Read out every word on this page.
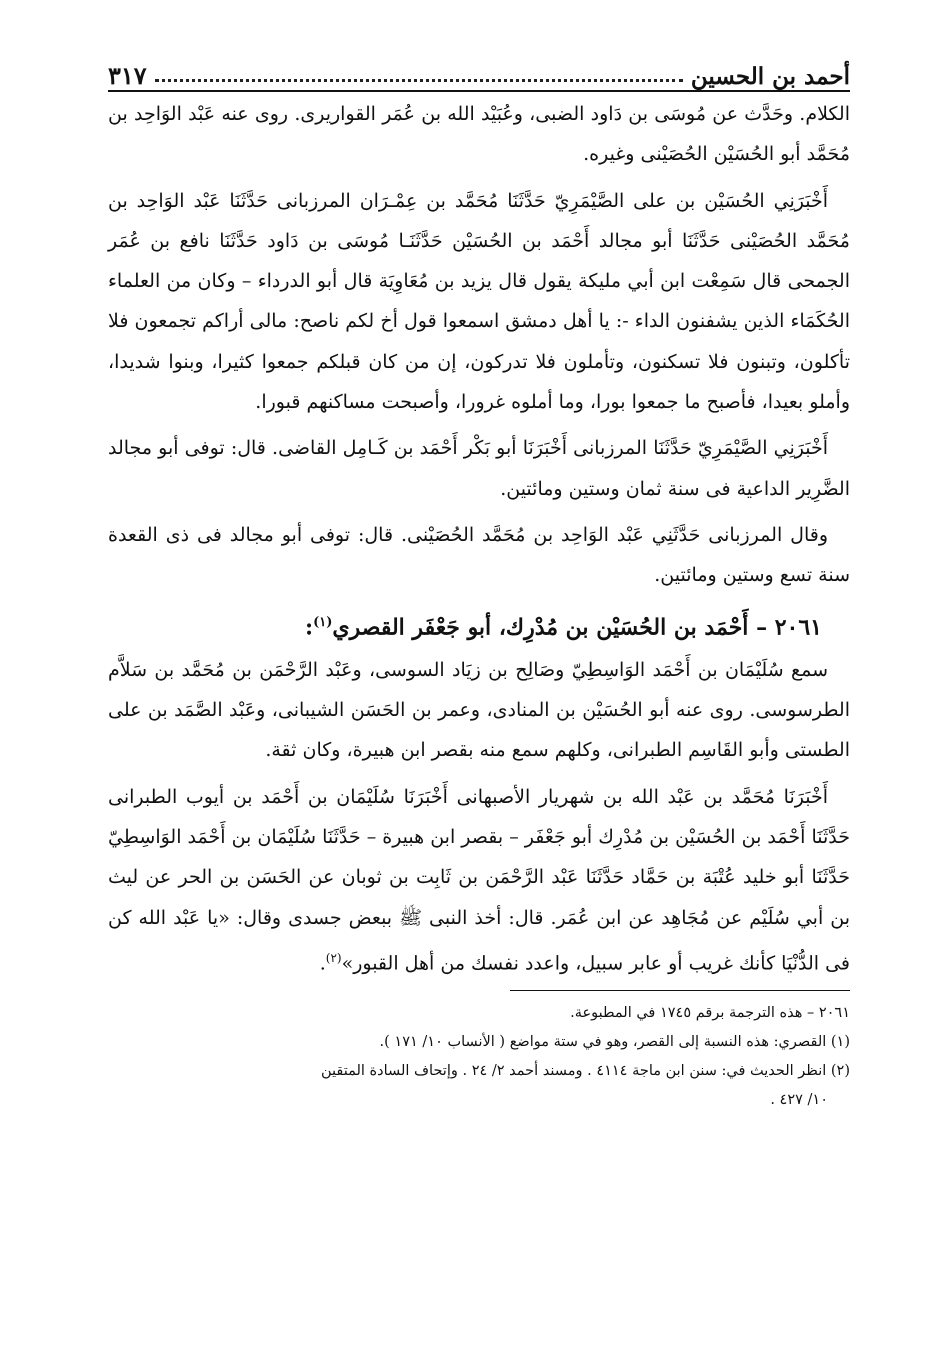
أحمد بن الحسين
٣١٧

الكلام. وحَدَّث عن مُوسَى بن دَاود الضبى، وعُبَيْد الله بن عُمَر القواريرى. روى عنه عَبْد الوَاحِد بن مُحَمَّد أبو الحُسَيْن الحُصَيْنى وغيره.

أَخْبَرَنِي الحُسَيْن بن على الصَّيْمَرِيّ حَدَّثَنَا مُحَمَّد بن عِمْـرَان المرزبانى حَدَّثَنَا عَبْد الوَاحِد بن مُحَمَّد الحُصَيْنى حَدَّثَنَا أبو مجالد أَحْمَد بن الحُسَيْن حَدَّثَنَـا مُوسَى بن دَاود حَدَّثَنَا نافع بن عُمَر الجمحى قال سَمِعْت ابن أبي مليكة يقول قال يزيد بن مُعَاوِيَة قال أبو الدرداء – وكان من العلماء الحُكَمَاء الذين يشفنون الداء -: يا أهل دمشق اسمعوا قول أخ لكم ناصح: مالى أراكم تجمعون فلا تأكلون، وتبنون فلا تسكنون، وتأملون فلا تدركون، إن من كان قبلكم جمعوا كثيرا، وبنوا شديدا، وأملو بعيدا، فأصبح ما جمعوا بورا، وما أملوه غرورا، وأصبحت مساكنهم قبورا.

أَخْبَرَنِي الصَّيْمَرِيّ حَدَّثَنَا المرزبانى أَخْبَرَنَا أبو بَكْر أَحْمَد بن كَـامِل القاضى. قال: توفى أبو مجالد الضَّرِير الداعية فى سنة ثمان وستين ومائتين.

وقال المرزبانى حَدَّثَنِي عَبْد الوَاحِد بن مُحَمَّد الحُصَيْنى. قال: توفى أبو مجالد فى ذى القعدة سنة تسع وستين ومائتين.

٢٠٦١ – أَحْمَد بن الحُسَيْن بن مُدْرِك، أبو جَعْفَر القصري$^{(١)}$:

سمع سُلَيْمَان بن أَحْمَد الوَاسِطِيّ وصَالِح بن زيَاد السوسى، وعَبْد الرَّحْمَن بن مُحَمَّد بن سَلاَّم الطرسوسى. روى عنه أبو الحُسَيْن بن المنادى، وعمر بن الحَسَن الشيبانى، وعَبْد الصَّمَد بن على الطستى وأبو القَاسِم الطبرانى، وكلهم سمع منه بقصر ابن هبيرة، وكان ثقة.

أَخْبَرَنَا مُحَمَّد بن عَبْد الله بن شهريار الأصبهانى أَخْبَرَنَا سُلَيْمَان بن أَحْمَد بن أيوب الطبرانى حَدَّثَنَا أَحْمَد بن الحُسَيْن بن مُدْرِك أبو جَعْفَر – بقصر ابن هبيرة – حَدَّثَنَا سُلَيْمَان بن أَحْمَد الوَاسِطِيّ حَدَّثَنَا أبو خليد عُتْبَة بن حَمَّاد حَدَّثَنَا عَبْد الرَّحْمَن بن ثَابِت بن ثوبان عن الحَسَن بن الحر عن ليث بن أبي سُلَيْم عن مُجَاهِد عن ابن عُمَر. قال: أخذ النبى ﷺ ببعض جسدى وقال: «يا عَبْد الله كن فى الدُّنْيَا كأنك غريب أو عابر سبيل، واعدد نفسك من أهل القبور»$^{(٢)}$.

٢٠٦١ – هذه الترجمة برقم ١٧٤٥ في المطبوعة.

(١) القصري: هذه النسبة إلى القصر، وهو في ستة مواضع ( الأنساب ١٠/ ١٧١ ).

(٢) انظر الحديث في: سنن ابن ماجة ٤١١٤ . ومسند أحمد ٢/ ٢٤ . وإتحاف السادة المتقين

١٠/ ٤٢٧ .
